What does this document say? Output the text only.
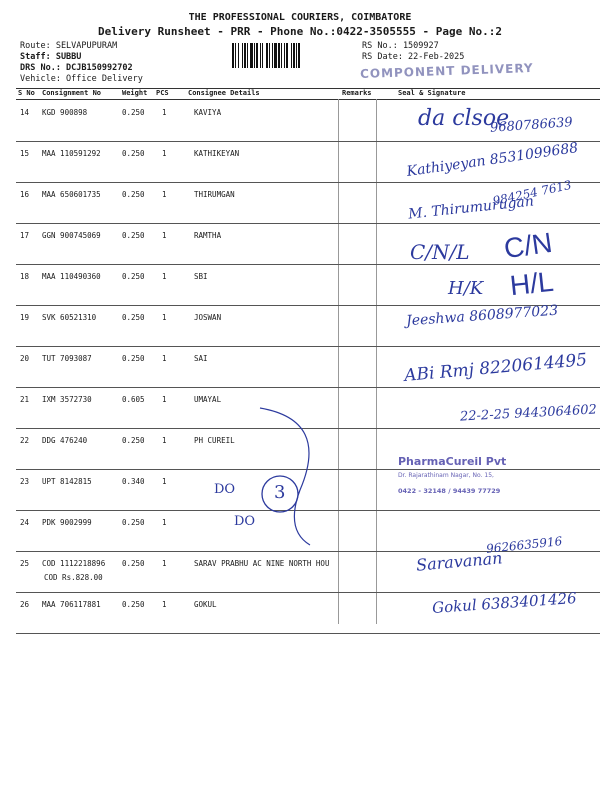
THE PROFESSIONAL COURIERS, COIMBATORE
Delivery Runsheet - PRR - Phone No.:0422-3505555 - Page No.:2
Route: SELVAPUPURAM
Staff: SUBBU
DRS No.: DCJB150992702
Vehicle: Office Delivery
RS No.: 1509927
RS Date: 22-Feb-2025
COMPONENT DELIVERY
S No Consignment No	Weight PCS	Consignee Details	Remarks	Seal & Signature
14 KGD 900898	0.250 1	KAVIYA
15 MAA 110591292	0.250 1	KATHIKEYAN
16 MAA 650601735	0.250 1	THIRUMGAN
17 GGN 900745069	0.250 1	RAMTHA
18 MAA 110490360	0.250 1	SBI
19 SVK 60521310	0.250 1	JOSWAN
20 TUT 7093087	0.250 1	SAI
21 IXM 3572730	0.605 1	UMAYAL
22 DDG 476240	0.250 1	PH CUREIL
23 UPT 8142815	0.340 1
24 PDK 9002999	0.250 1
25 COD 1112218896 0.250 1	SARAV PRABHU AC NINE NORTH HOU
COD Rs.828.00
26 MAA 706117881	0.250 1	GOKUL
da clsoe
9680786639
Kathiyeyan 8531099688
984254 7613
M. Thirumurugan
C/N/L C/N
H/K H/L
Jeeshwa 8608977023
ABi Rmj 8220614495
22-2-25 9443064602
DO 3
DO
PharmaCureil Pvt
Dr. Rajarathinam Nagar, No. 15,
0422 - 32148 / 94439 77729
9626635916
Saravanan
Gokul 6383401426
